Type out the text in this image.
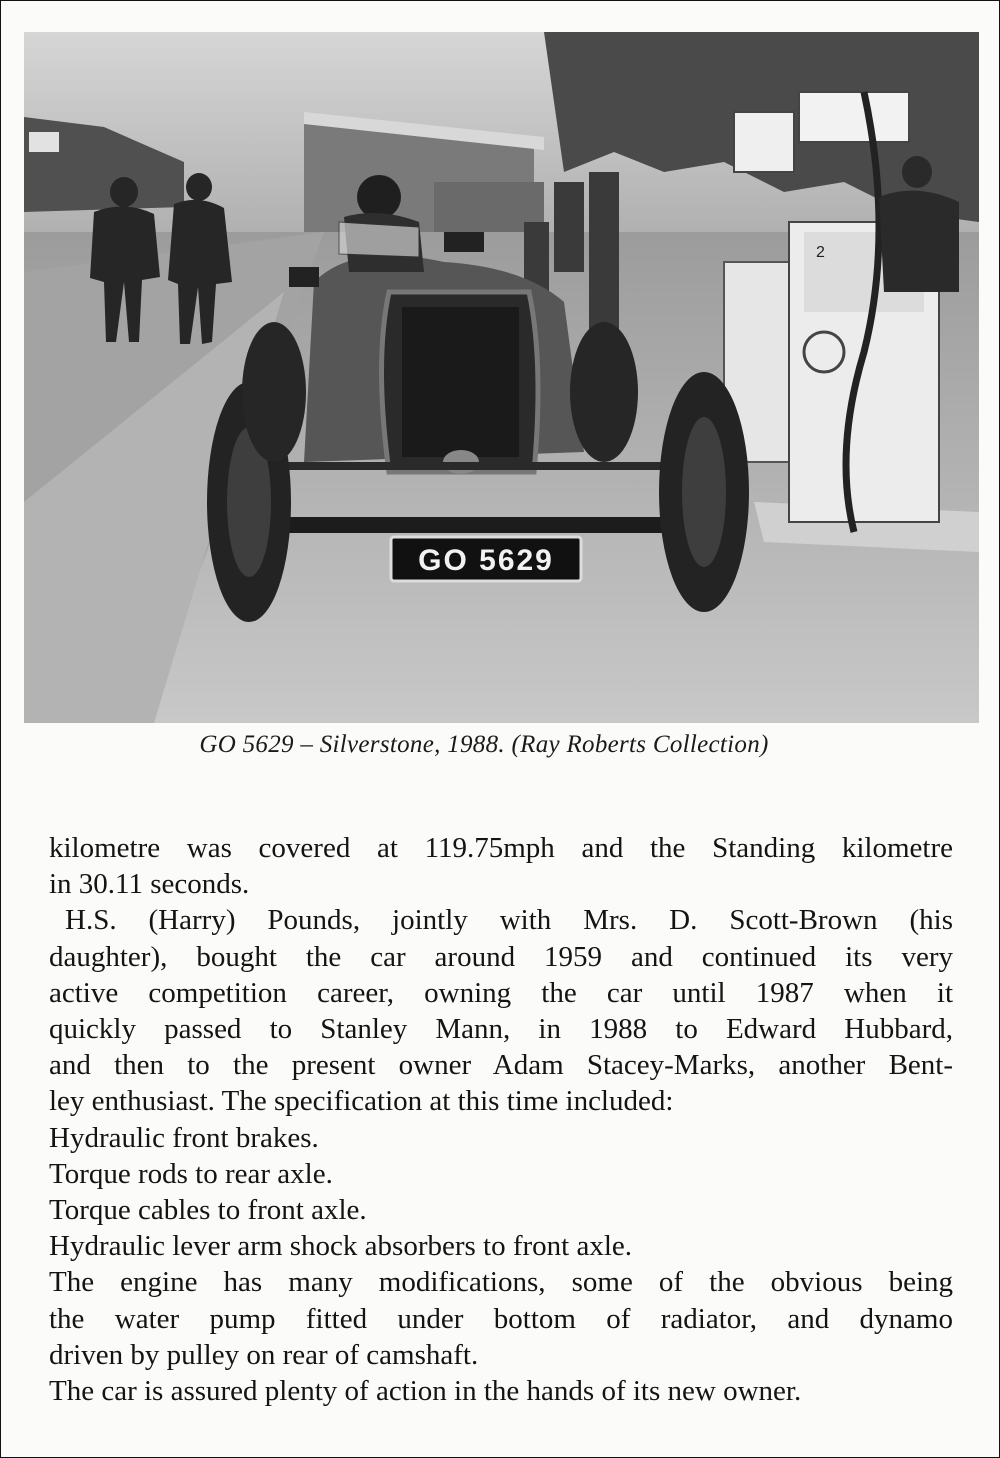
2
GO 5629
GO 5629 – Silverstone, 1988. (Ray Roberts Collection)
kilometre was covered at 119.75mph and the Standing kilometre
in 30.11 seconds.
H.S. (Harry) Pounds, jointly with Mrs. D. Scott-Brown (his
daughter), bought the car around 1959 and continued its very
active competition career, owning the car until 1987 when it
quickly passed to Stanley Mann, in 1988 to Edward Hubbard,
and then to the present owner Adam Stacey-Marks, another Bent-
ley enthusiast. The specification at this time included:
Hydraulic front brakes.
Torque rods to rear axle.
Torque cables to front axle.
Hydraulic lever arm shock absorbers to front axle.
The engine has many modifications, some of the obvious being
the water pump fitted under bottom of radiator, and dynamo
driven by pulley on rear of camshaft.
The car is assured plenty of action in the hands of its new owner.
